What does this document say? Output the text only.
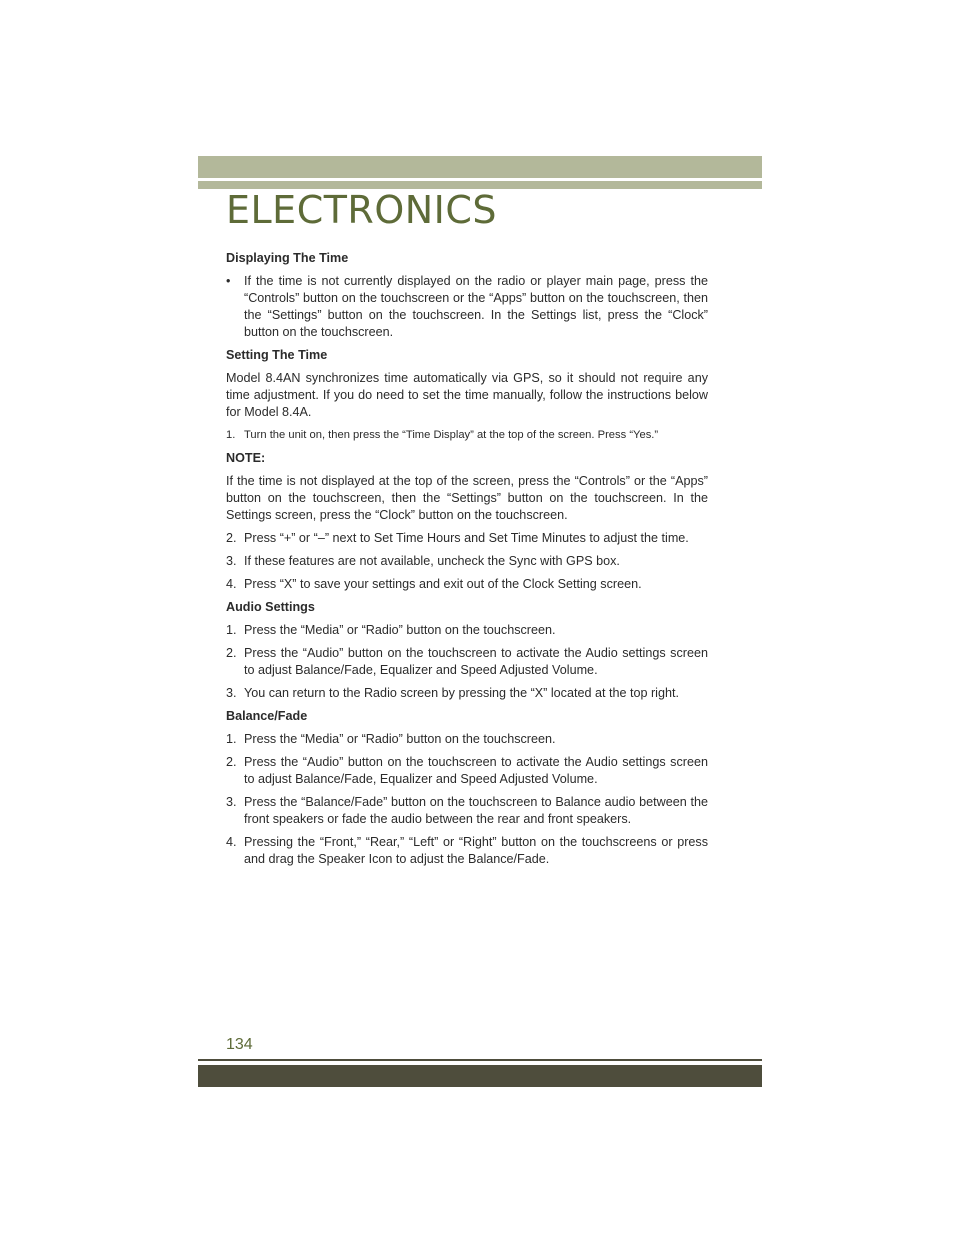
ELECTRONICS
Displaying The Time
• If the time is not currently displayed on the radio or player main page, press the “Controls” button on the touchscreen or the “Apps” button on the touchscreen, then the “Settings” button on the touchscreen. In the Settings list, press the “Clock” button on the touchscreen.
Setting The Time

Model 8.4AN synchronizes time automatically via GPS, so it should not require any time adjustment. If you do need to set the time manually, follow the instructions below for Model 8.4A.

1. Turn the unit on, then press the “Time Display” at the top of the screen. Press “Yes.”

NOTE:

If the time is not displayed at the top of the screen, press the “Controls” or the “Apps” button on the touchscreen, then the “Settings” button on the touchscreen. In the Settings screen, press the “Clock” button on the touchscreen.

2. Press “+” or “–” next to Set Time Hours and Set Time Minutes to adjust the time.
3. If these features are not available, uncheck the Sync with GPS box.
4. Press “X” to save your settings and exit out of the Clock Setting screen.
Audio Settings
1. Press the “Media” or “Radio” button on the touchscreen.
2. Press the “Audio” button on the touchscreen to activate the Audio settings screen to adjust Balance/Fade, Equalizer and Speed Adjusted Volume.
3. You can return to the Radio screen by pressing the “X” located at the top right.
Balance/Fade
1. Press the “Media” or “Radio” button on the touchscreen.
2. Press the “Audio” button on the touchscreen to activate the Audio settings screen to adjust Balance/Fade, Equalizer and Speed Adjusted Volume.
3. Press the “Balance/Fade” button on the touchscreen to Balance audio between the front speakers or fade the audio between the rear and front speakers.
4. Pressing the “Front,” “Rear,” “Left” or “Right” button on the touchscreens or press and drag the Speaker Icon to adjust the Balance/Fade.

134
